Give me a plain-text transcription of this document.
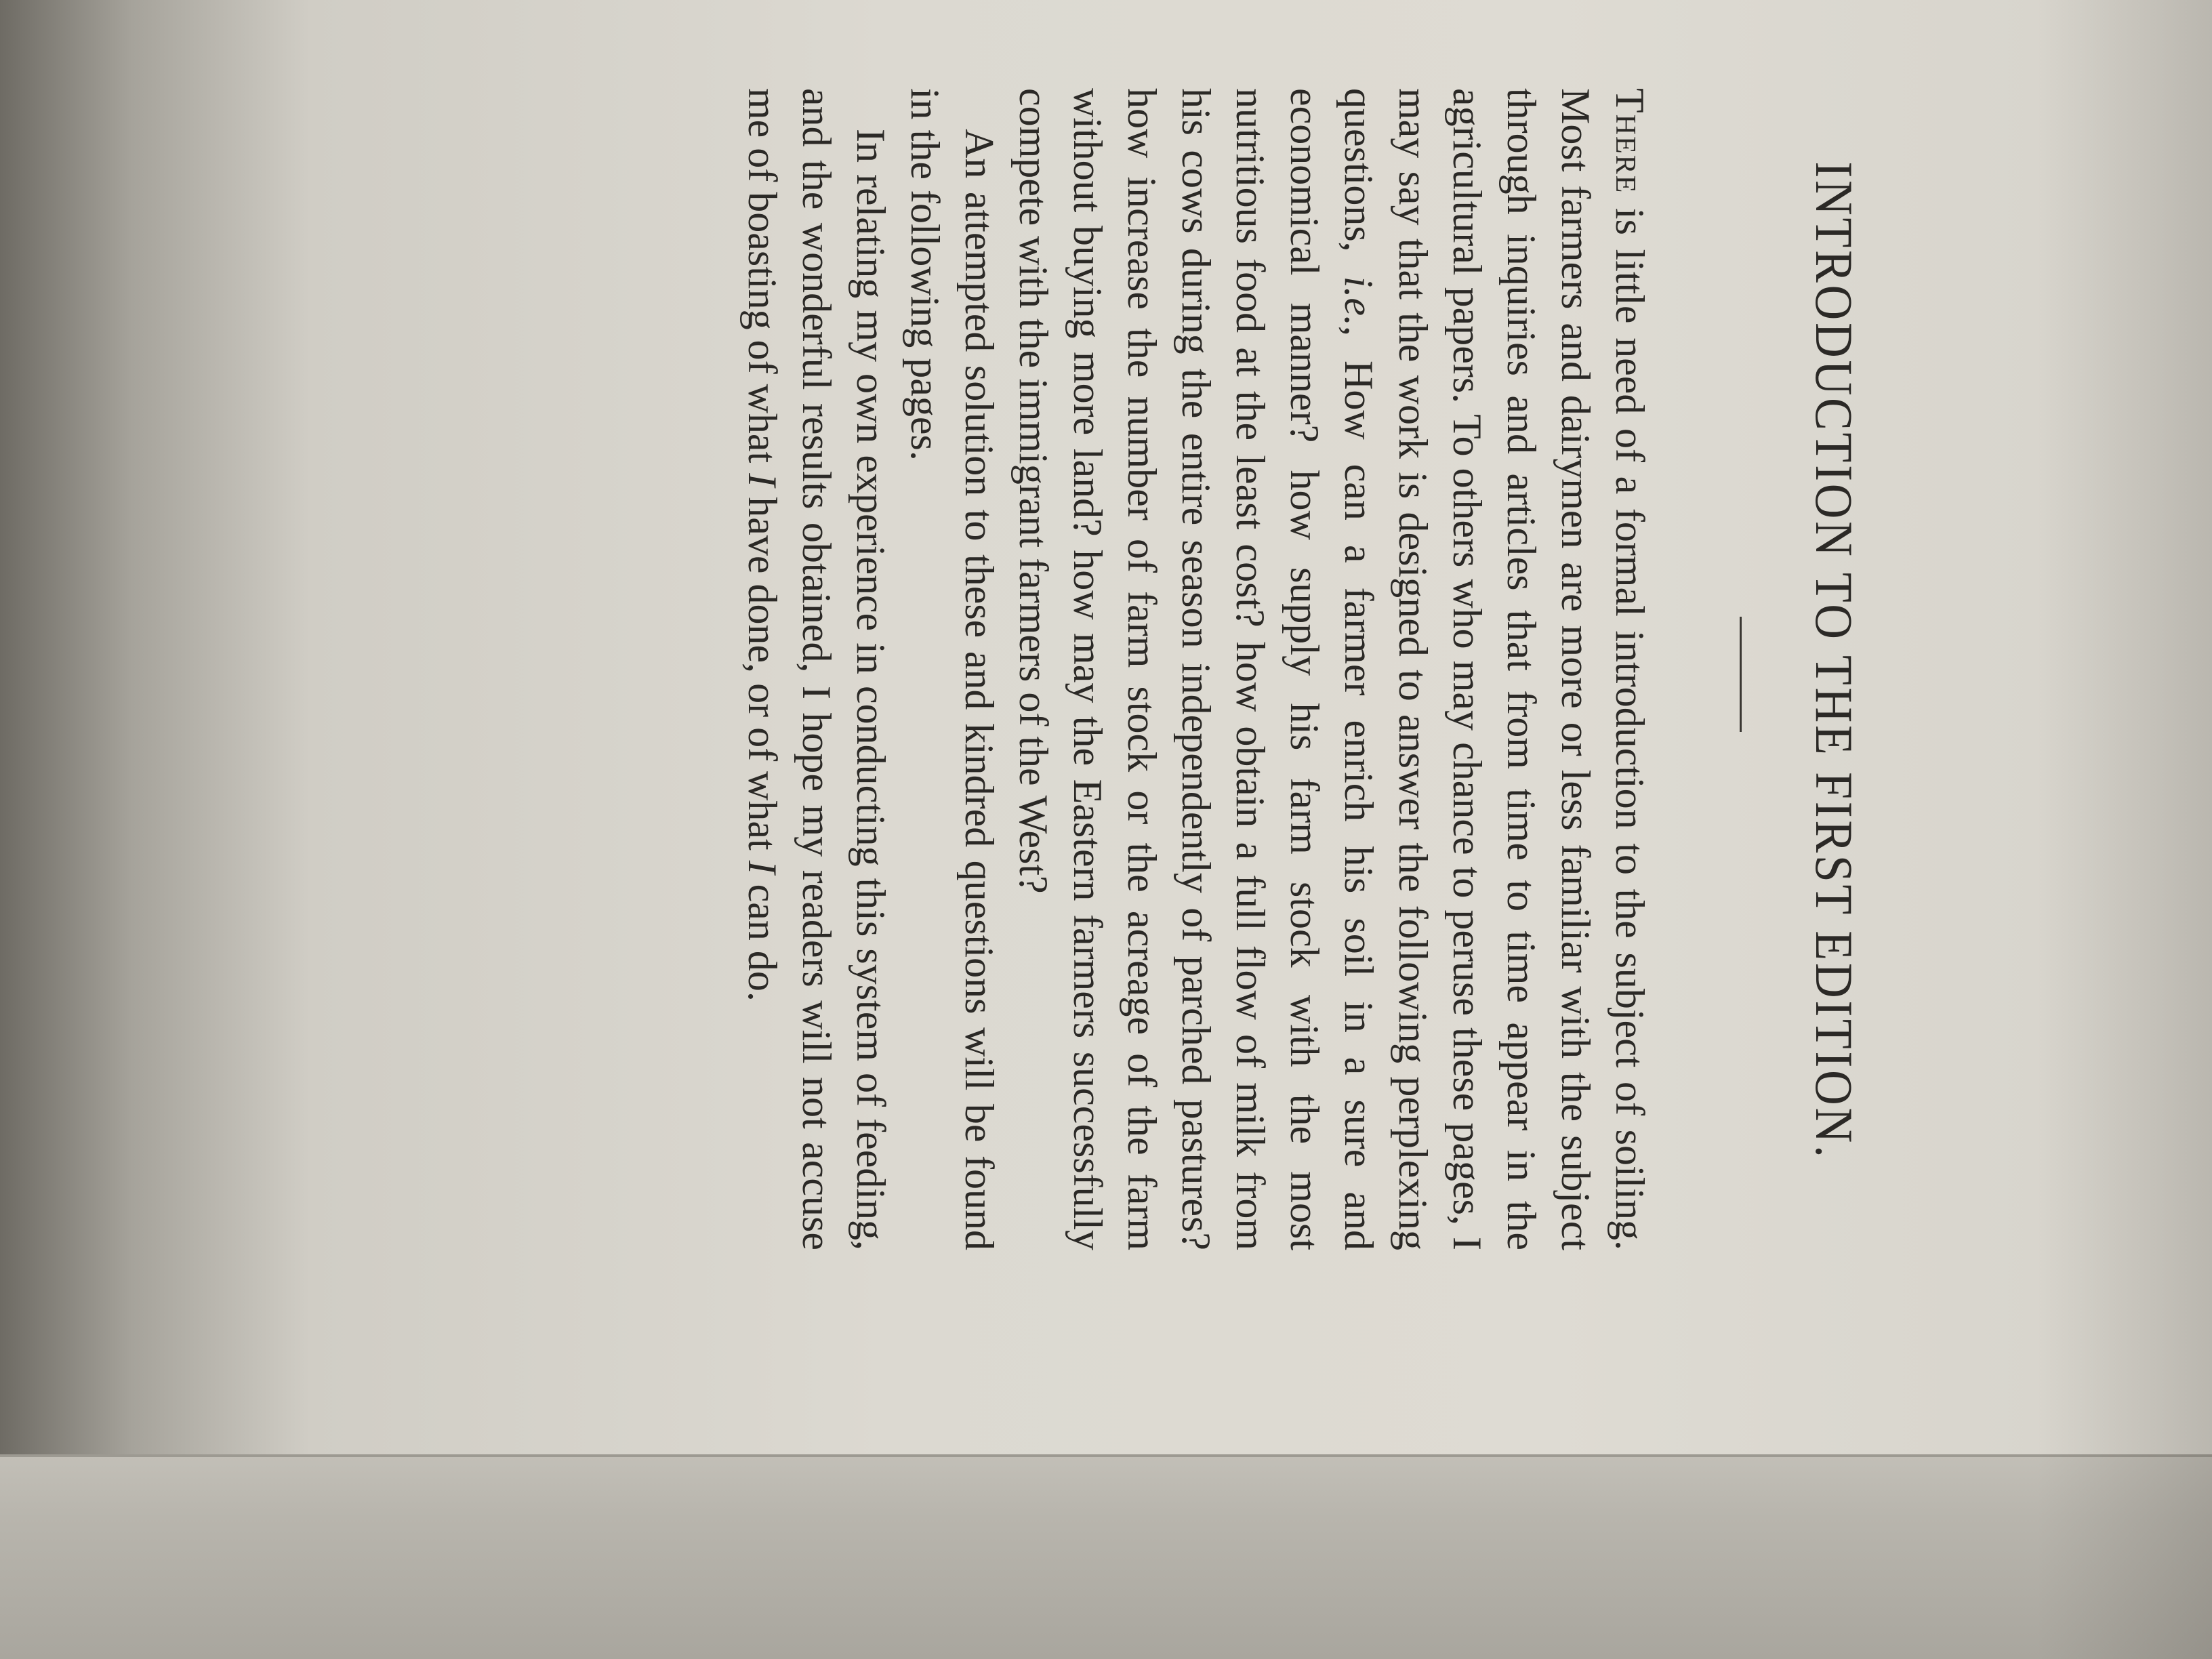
INTRODUCTION TO THE FIRST EDITION.

There is little need of a formal introduction to the subject of soiling. Most farmers and dairymen are more or less familiar with the subject through inquiries and articles that from time to time appear in the agricultural papers. To others who may chance to peruse these pages, I may say that the work is designed to answer the following perplexing questions, i.e., How can a farmer enrich his soil in a sure and economical manner? how supply his farm stock with the most nutritious food at the least cost? how obtain a full flow of milk from his cows during the entire season independently of parched pastures? how increase the number of farm stock or the acreage of the farm without buying more land? how may the Eastern farmers successfully compete with the immigrant farmers of the West?

An attempted solution to these and kindred questions will be found in the following pages.

In relating my own experience in conducting this system of feeding, and the wonderful results obtained, I hope my readers will not accuse me of boasting of what I have done, or of what I can do.
